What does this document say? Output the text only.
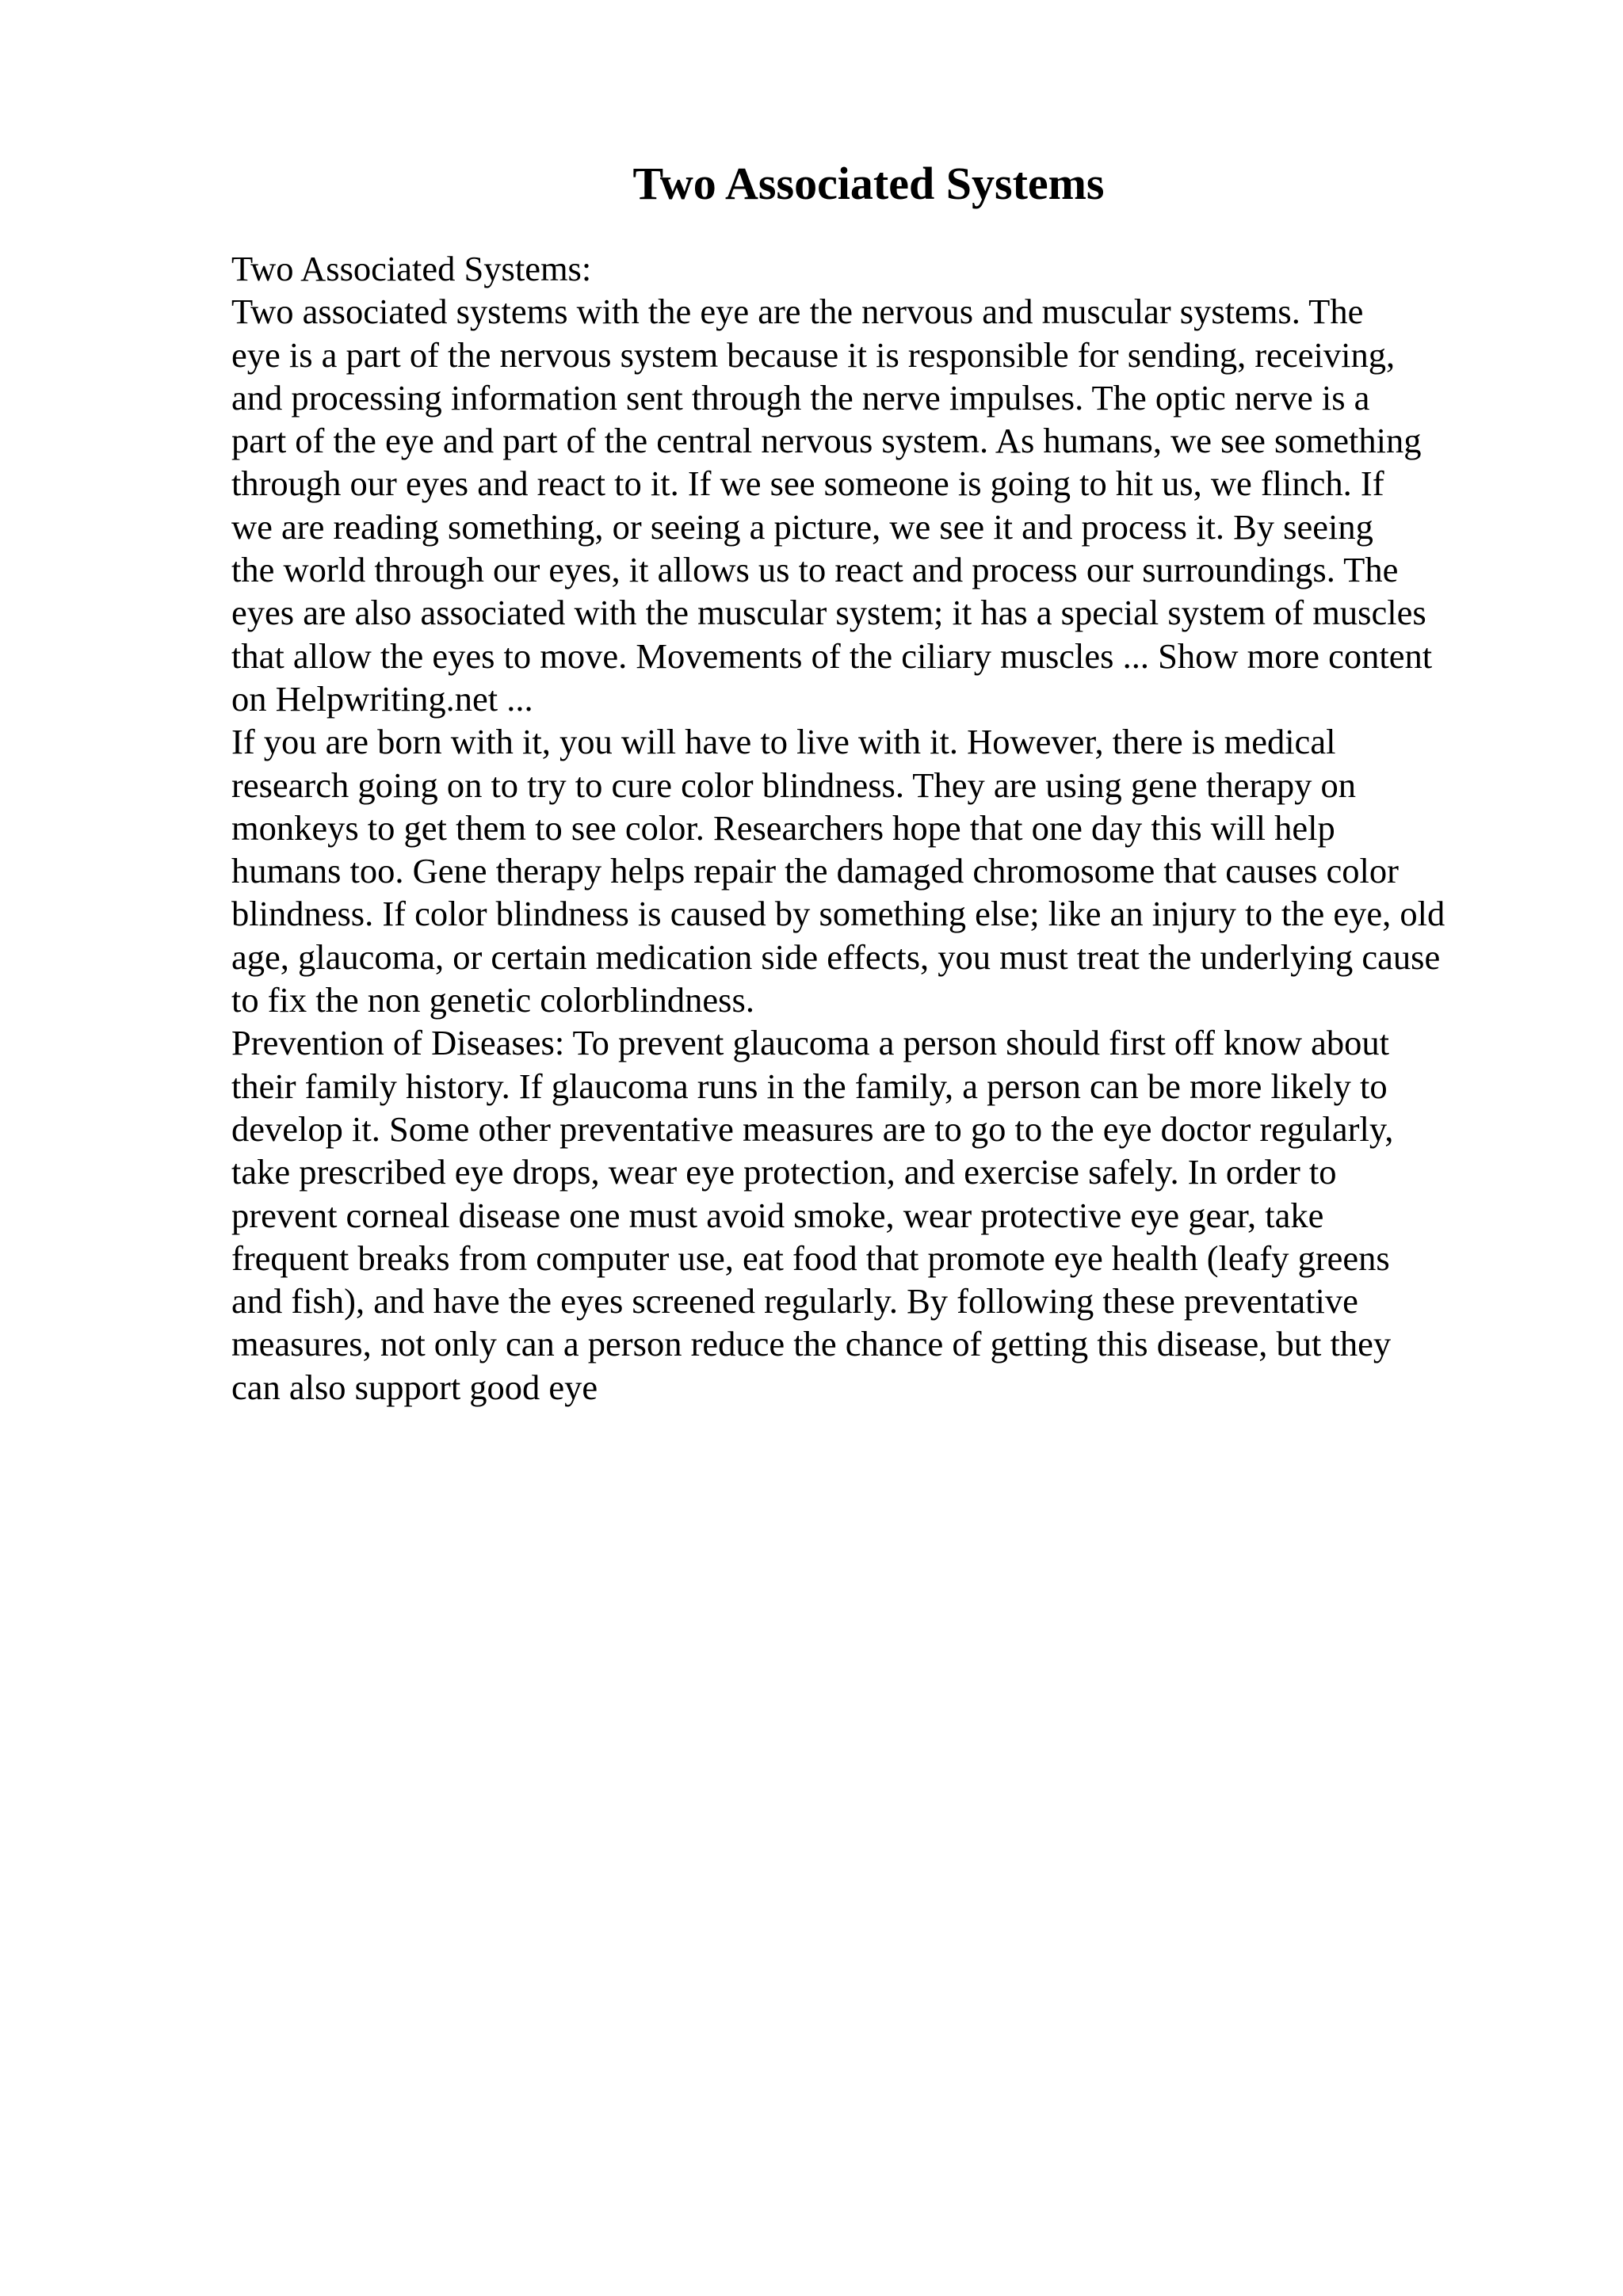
Two Associated Systems
Two Associated Systems:
Two associated systems with the eye are the nervous and muscular systems. The
eye is a part of the nervous system because it is responsible for sending, receiving,
and processing information sent through the nerve impulses. The optic nerve is a
part of the eye and part of the central nervous system. As humans, we see something
through our eyes and react to it. If we see someone is going to hit us, we flinch. If
we are reading something, or seeing a picture, we see it and process it. By seeing
the world through our eyes, it allows us to react and process our surroundings. The
eyes are also associated with the muscular system; it has a special system of muscles
that allow the eyes to move. Movements of the ciliary muscles ... Show more content
on Helpwriting.net ...
If you are born with it, you will have to live with it. However, there is medical
research going on to try to cure color blindness. They are using gene therapy on
monkeys to get them to see color. Researchers hope that one day this will help
humans too. Gene therapy helps repair the damaged chromosome that causes color
blindness. If color blindness is caused by something else; like an injury to the eye, old
age, glaucoma, or certain medication side effects, you must treat the underlying cause
to fix the non genetic colorblindness.
Prevention of Diseases: To prevent glaucoma a person should first off know about
their family history. If glaucoma runs in the family, a person can be more likely to
develop it. Some other preventative measures are to go to the eye doctor regularly,
take prescribed eye drops, wear eye protection, and exercise safely. In order to
prevent corneal disease one must avoid smoke, wear protective eye gear, take
frequent breaks from computer use, eat food that promote eye health (leafy greens
and fish), and have the eyes screened regularly. By following these preventative
measures, not only can a person reduce the chance of getting this disease, but they
can also support good eye
